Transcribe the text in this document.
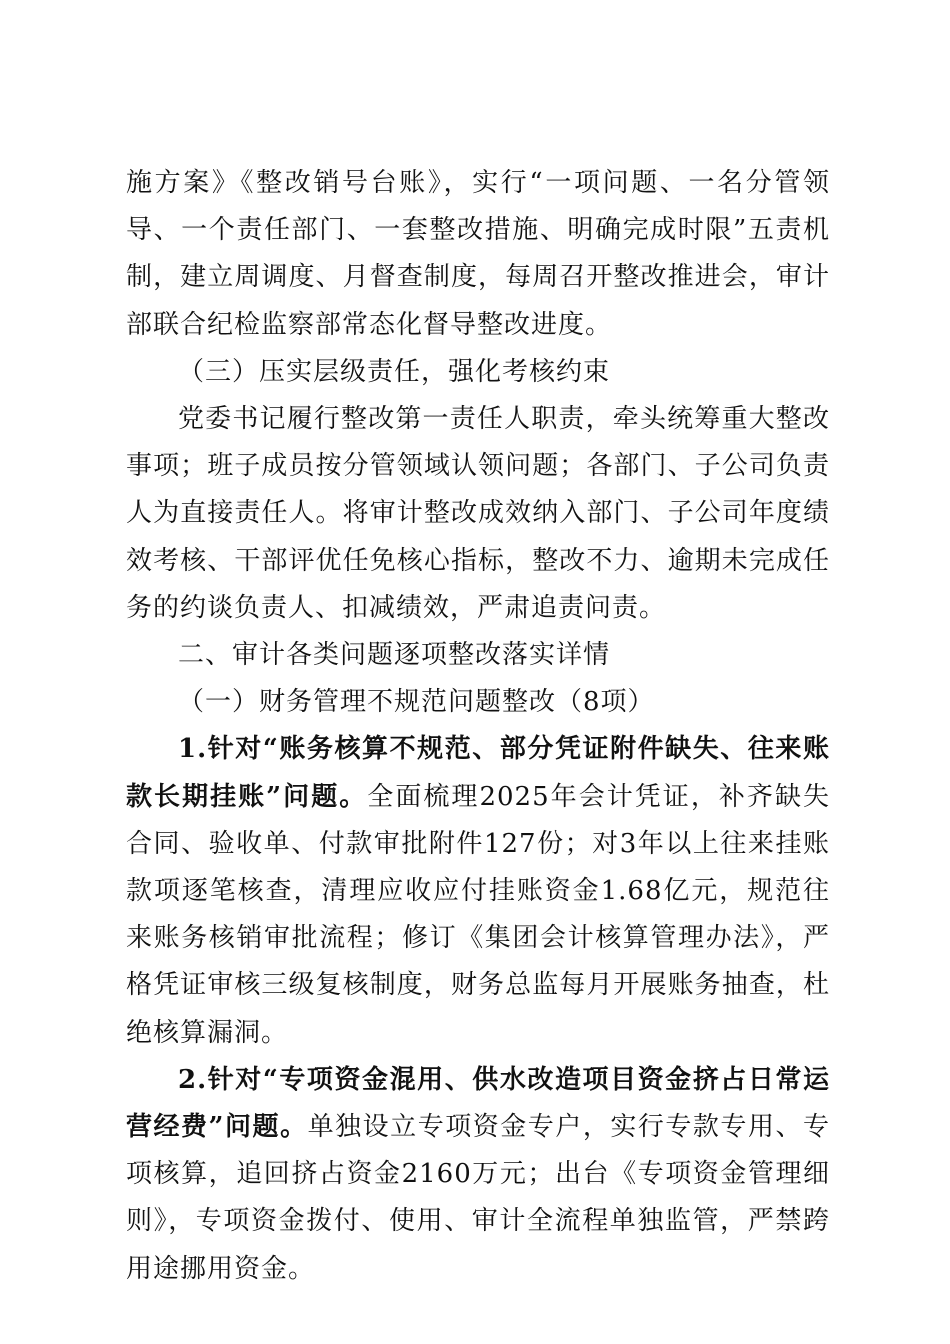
施方案》《整改销号台账》，实行“一项问题、一名分管领导、一个责任部门、一套整改措施、明确完成时限”五责机制，建立周调度、月督查制度，每周召开整改推进会，审计部联合纪检监察部常态化督导整改进度。

（三）压实层级责任，强化考核约束

党委书记履行整改第一责任人职责，牵头统筹重大整改事项；班子成员按分管领域认领问题；各部门、子公司负责人为直接责任人。将审计整改成效纳入部门、子公司年度绩效考核、干部评优任免核心指标，整改不力、逾期未完成任务的约谈负责人、扣减绩效，严肃追责问责。

二、审计各类问题逐项整改落实详情

（一）财务管理不规范问题整改（8项）

1.针对“账务核算不规范、部分凭证附件缺失、往来账款长期挂账”问题。全面梳理2025年会计凭证，补齐缺失合同、验收单、付款审批附件127份；对3年以上往来挂账款项逐笔核查，清理应收应付挂账资金1.68亿元，规范往来账务核销审批流程；修订《集团会计核算管理办法》，严格凭证审核三级复核制度，财务总监每月开展账务抽查，杜绝核算漏洞。

2.针对“专项资金混用、供水改造项目资金挤占日常运营经费”问题。单独设立专项资金专户，实行专款专用、专项核算，追回挤占资金2160万元；出台《专项资金管理细则》，专项资金拨付、使用、审计全流程单独监管，严禁跨用途挪用资金。
